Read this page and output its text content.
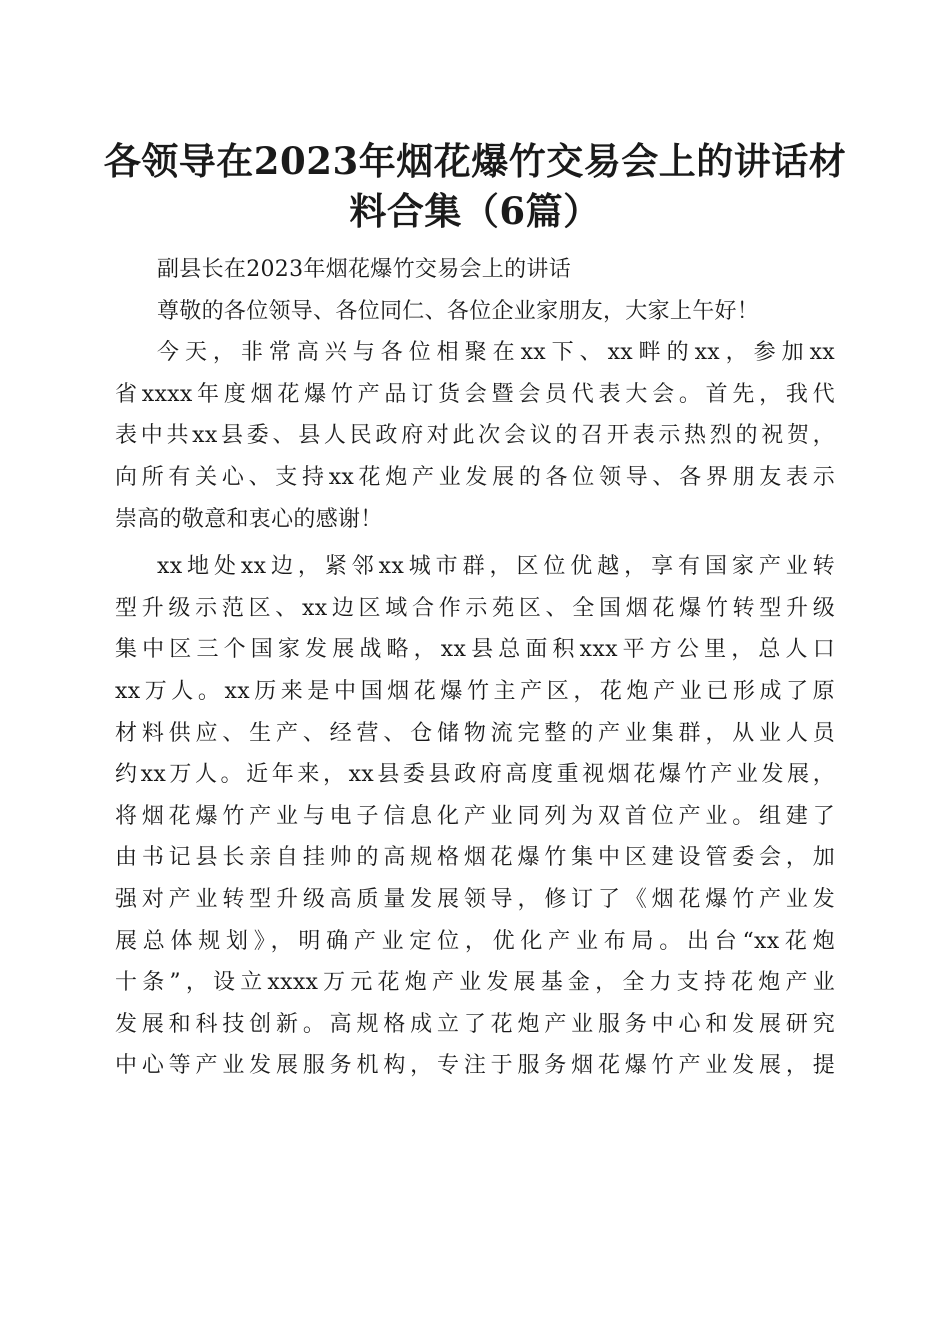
各领导在2023年烟花爆竹交易会上的讲话材
料合集（6篇）
副县长在2023年烟花爆竹交易会上的讲话
尊敬的各位领导、各位同仁、各位企业家朋友，大家上午好！
今天，非常高兴与各位相聚在xx下、xx畔的xx，参加xx
省xxxx年度烟花爆竹产品订货会暨会员代表大会。首先，我代
表中共xx县委、县人民政府对此次会议的召开表示热烈的祝贺，
向所有关心、支持xx花炮产业发展的各位领导、各界朋友表示
崇高的敬意和衷心的感谢！
xx地处xx边，紧邻xx城市群，区位优越，享有国家产业转
型升级示范区、xx边区域合作示苑区、全国烟花爆竹转型升级
集中区三个国家发展战略，xx县总面积xxx平方公里，总人口
xx万人。xx历来是中国烟花爆竹主产区，花炮产业已形成了原
材料供应、生产、经营、仓储物流完整的产业集群，从业人员
约xx万人。近年来，xx县委县政府高度重视烟花爆竹产业发展，
将烟花爆竹产业与电子信息化产业同列为双首位产业。组建了
由书记县长亲自挂帅的高规格烟花爆竹集中区建设管委会，加
强对产业转型升级高质量发展领导，修订了《烟花爆竹产业发
展总体规划》，明确产业定位，优化产业布局。出台“xx花炮
十条”，设立xxxx万元花炮产业发展基金，全力支持花炮产业
发展和科技创新。高规格成立了花炮产业服务中心和发展研究
中心等产业发展服务机构，专注于服务烟花爆竹产业发展，提
